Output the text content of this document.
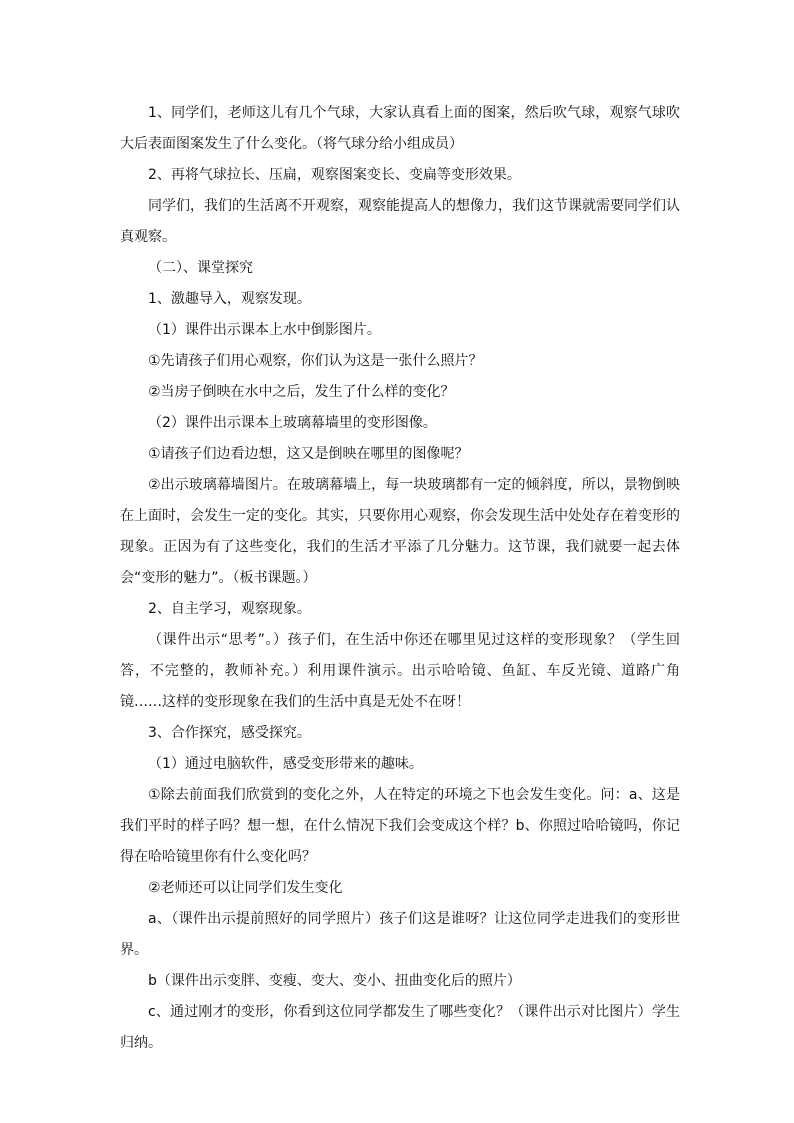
1、同学们，老师这儿有几个气球，大家认真看上面的图案，然后吹气球，观察气球吹大后表面图案发生了什么变化。（将气球分给小组成员）

2、再将气球拉长、压扁，观察图案变长、变扁等变形效果。

同学们，我们的生活离不开观察，观察能提高人的想像力，我们这节课就需要同学们认真观察。

（二）、课堂探究

1、激趣导入，观察发现。

（1）课件出示课本上水中倒影图片。

①先请孩子们用心观察，你们认为这是一张什么照片？

②当房子倒映在水中之后，发生了什么样的变化？

（2）课件出示课本上玻璃幕墙里的变形图像。

①请孩子们边看边想，这又是倒映在哪里的图像呢？

②出示玻璃幕墙图片。在玻璃幕墙上，每一块玻璃都有一定的倾斜度，所以，景物倒映在上面时，会发生一定的变化。其实，只要你用心观察，你会发现生活中处处存在着变形的现象。正因为有了这些变化，我们的生活才平添了几分魅力。这节课，我们就要一起去体会“变形的魅力”。（板书课题。）

2、自主学习，观察现象。

（课件出示“思考”。）孩子们，在生活中你还在哪里见过这样的变形现象？（学生回答，不完整的，教师补充。）利用课件演示。出示哈哈镜、鱼缸、车反光镜、道路广角镜……这样的变形现象在我们的生活中真是无处不在呀！

3、合作探究，感受探究。

（1）通过电脑软件，感受变形带来的趣味。

①除去前面我们欣赏到的变化之外，人在特定的环境之下也会发生变化。问：a、这是我们平时的样子吗？想一想，在什么情况下我们会变成这个样？b、你照过哈哈镜吗，你记得在哈哈镜里你有什么变化吗？

②老师还可以让同学们发生变化

a、（课件出示提前照好的同学照片）孩子们这是谁呀？让这位同学走进我们的变形世界。

b（课件出示变胖、变瘦、变大、变小、扭曲变化后的照片）

c、通过刚才的变形，你看到这位同学都发生了哪些变化？（课件出示对比图片）学生归纳。
